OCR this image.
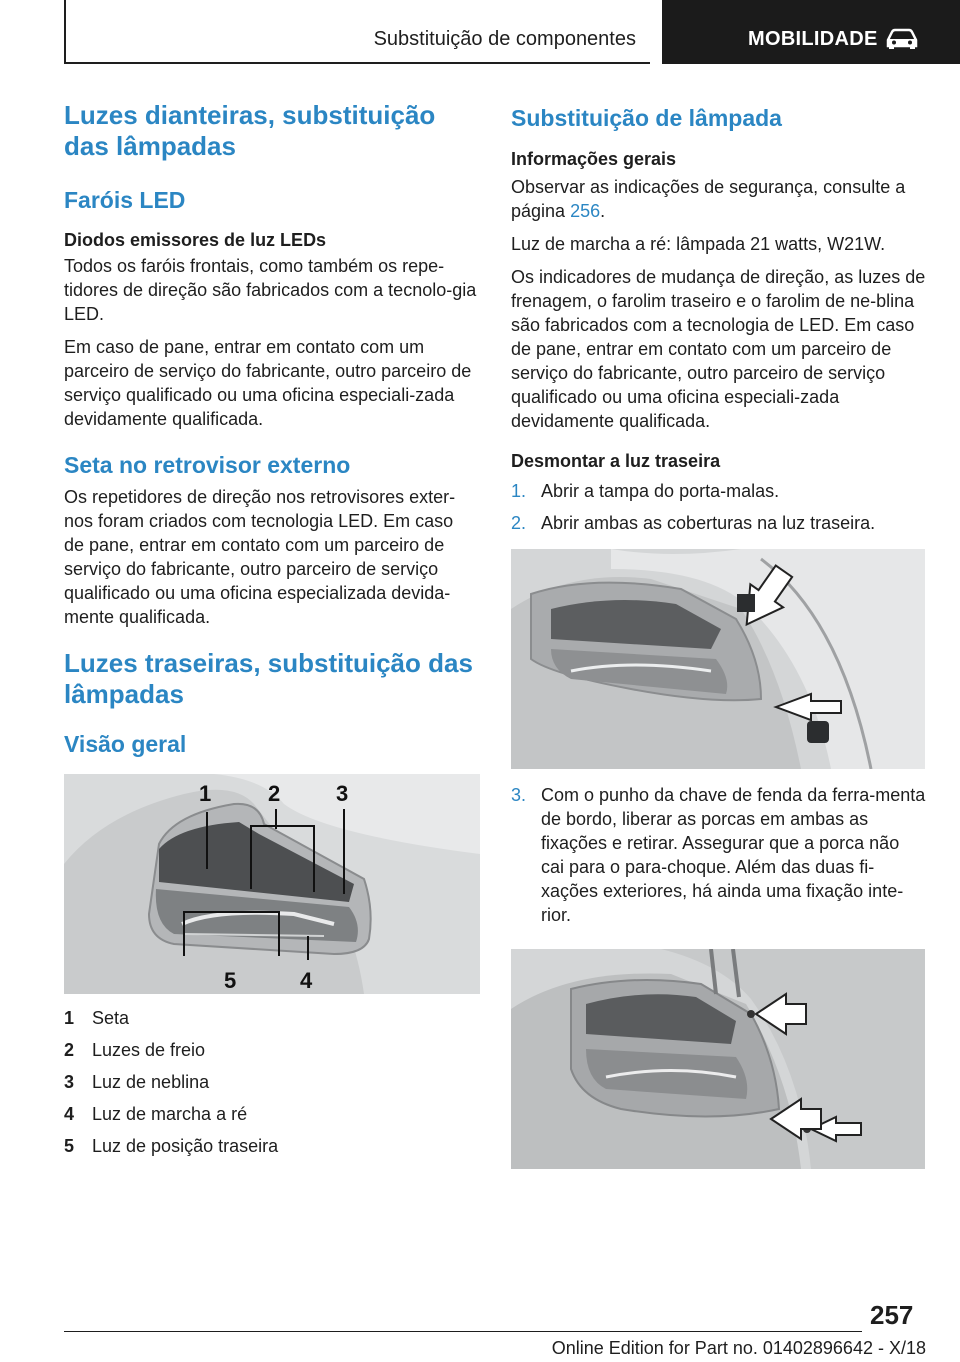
Substituição de componentes	MOBILIDADE
Luzes dianteiras, substituição das lâmpadas
Faróis LED
Diodos emissores de luz LEDs

Todos os faróis frontais, como também os repe-tidores de direção são fabricados com a tecnolo-gia LED.

Em caso de pane, entrar em contato com um parceiro de serviço do fabricante, outro parceiro de serviço qualificado ou uma oficina especiali-zada devidamente qualificada.

Seta no retrovisor externo

Os repetidores de direção nos retrovisores exter-nos foram criados com tecnologia LED. Em caso de pane, entrar em contato com um parceiro de serviço do fabricante, outro parceiro de serviço qualificado ou uma oficina especializada devida-mente qualificada.

Luzes traseiras, substituição das lâmpadas
Visão geral
1	2	3
5	4
1 Seta
2 Luzes de freio
3 Luz de neblina
4 Luz de marcha a ré
5 Luz de posição traseira
Substituição de lâmpada
Informações gerais

Observar as indicações de segurança, consulte a página 256.

Luz de marcha a ré: lâmpada 21 watts, W21W.

Os indicadores de mudança de direção, as luzes de frenagem, o farolim traseiro e o farolim de ne-blina são fabricados com a tecnologia de LED. Em caso de pane, entrar em contato com um parceiro de serviço do fabricante, outro parceiro de serviço qualificado ou uma oficina especiali-zada devidamente qualificada.

Desmontar a luz traseira
1. Abrir a tampa do porta-malas.
2. Abrir ambas as coberturas na luz traseira.
3. Com o punho da chave de fenda da ferra-menta de bordo, liberar as porcas em ambas as fixações e retirar. Assegurar que a porca não cai para o para-choque. Além das duas fi-xações exteriores, há ainda uma fixação inte-rior.
257
Online Edition for Part no. 01402896642 - X/18
